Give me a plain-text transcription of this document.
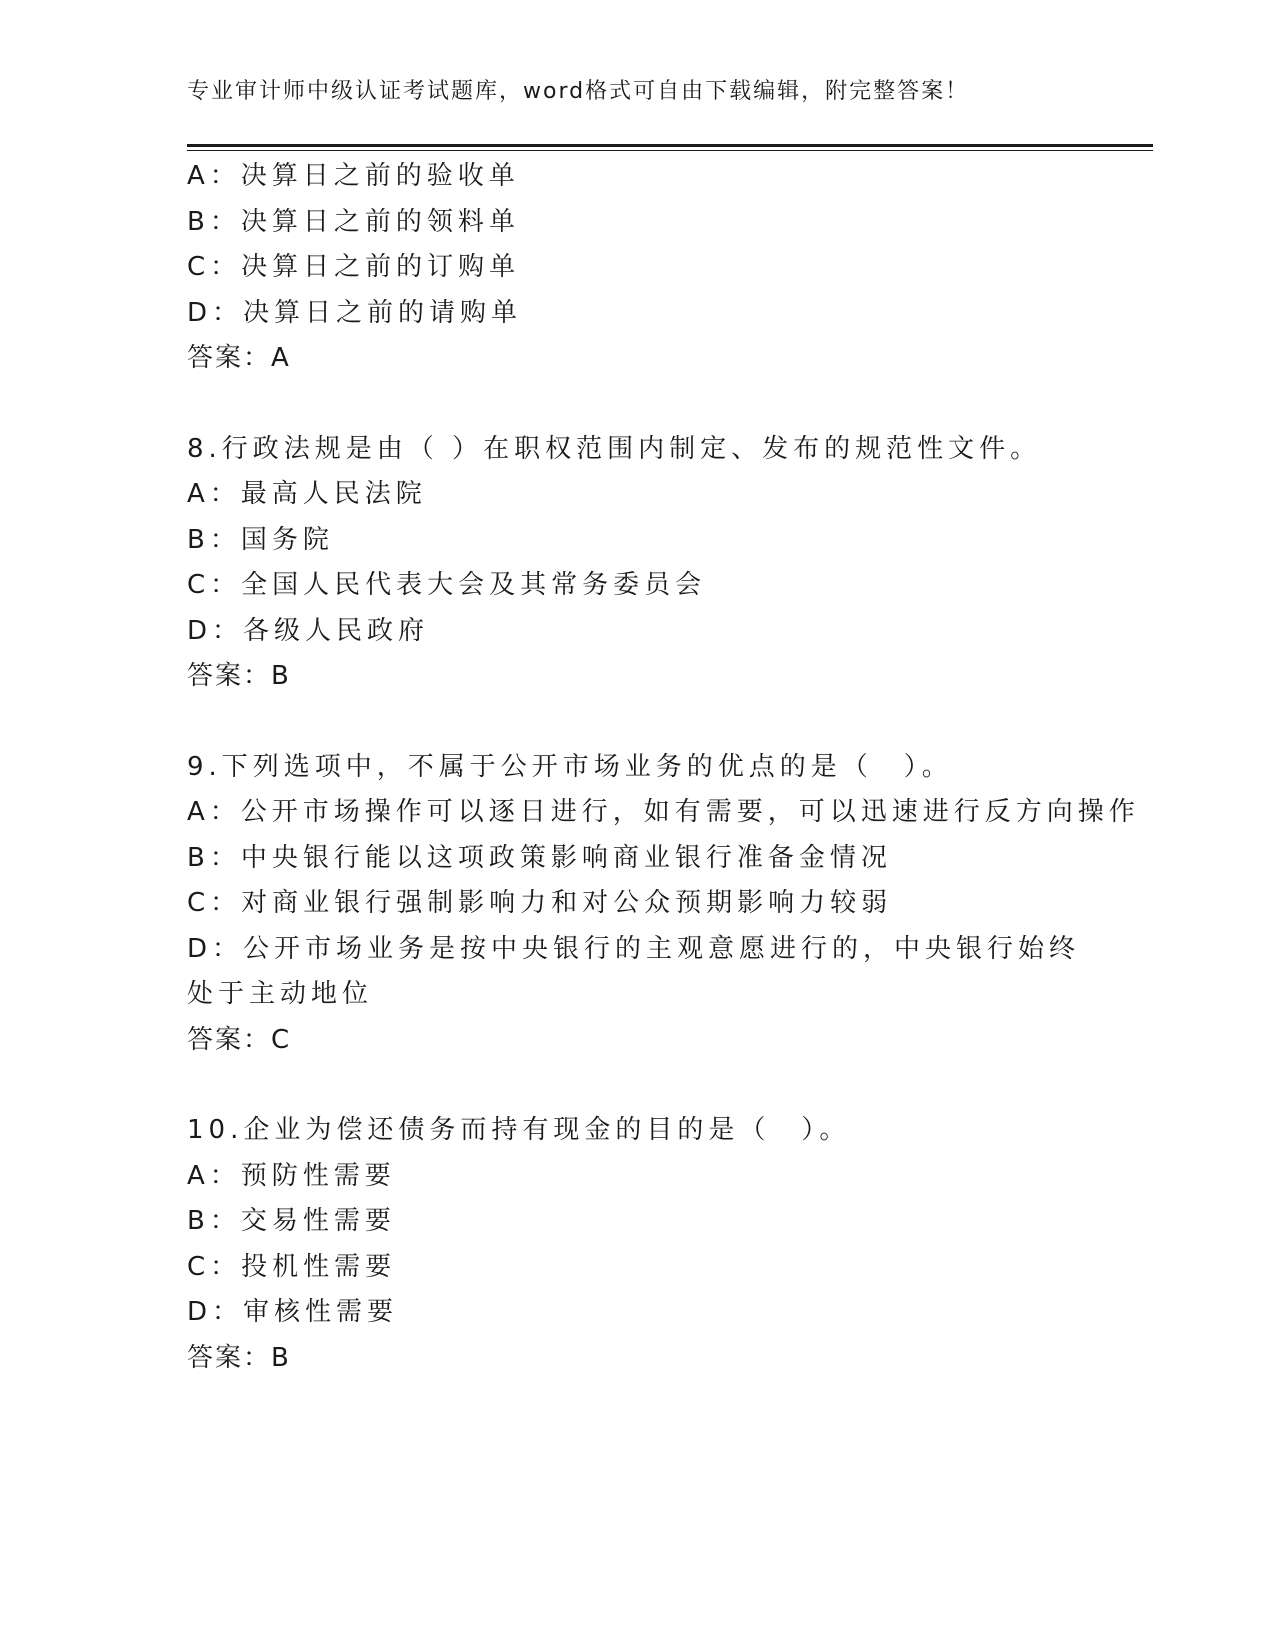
专业审计师中级认证考试题库，word格式可自由下载编辑，附完整答案！
A：决算日之前的验收单
B：决算日之前的领料单
C：决算日之前的订购单
D：决算日之前的请购单
答案：A
8.行政法规是由（ ）在职权范围内制定、发布的规范性文件。
A：最高人民法院
B：国务院
C：全国人民代表大会及其常务委员会
D：各级人民政府
答案：B
9.下列选项中，不属于公开市场业务的优点的是（　）。
A：公开市场操作可以逐日进行，如有需要，可以迅速进行反方向操作
B：中央银行能以这项政策影响商业银行准备金情况
C：对商业银行强制影响力和对公众预期影响力较弱
D：公开市场业务是按中央银行的主观意愿进行的，中央银行始终处于主动地位
答案：C
10.企业为偿还债务而持有现金的目的是（　）。
A：预防性需要
B：交易性需要
C：投机性需要
D：审核性需要
答案：B
